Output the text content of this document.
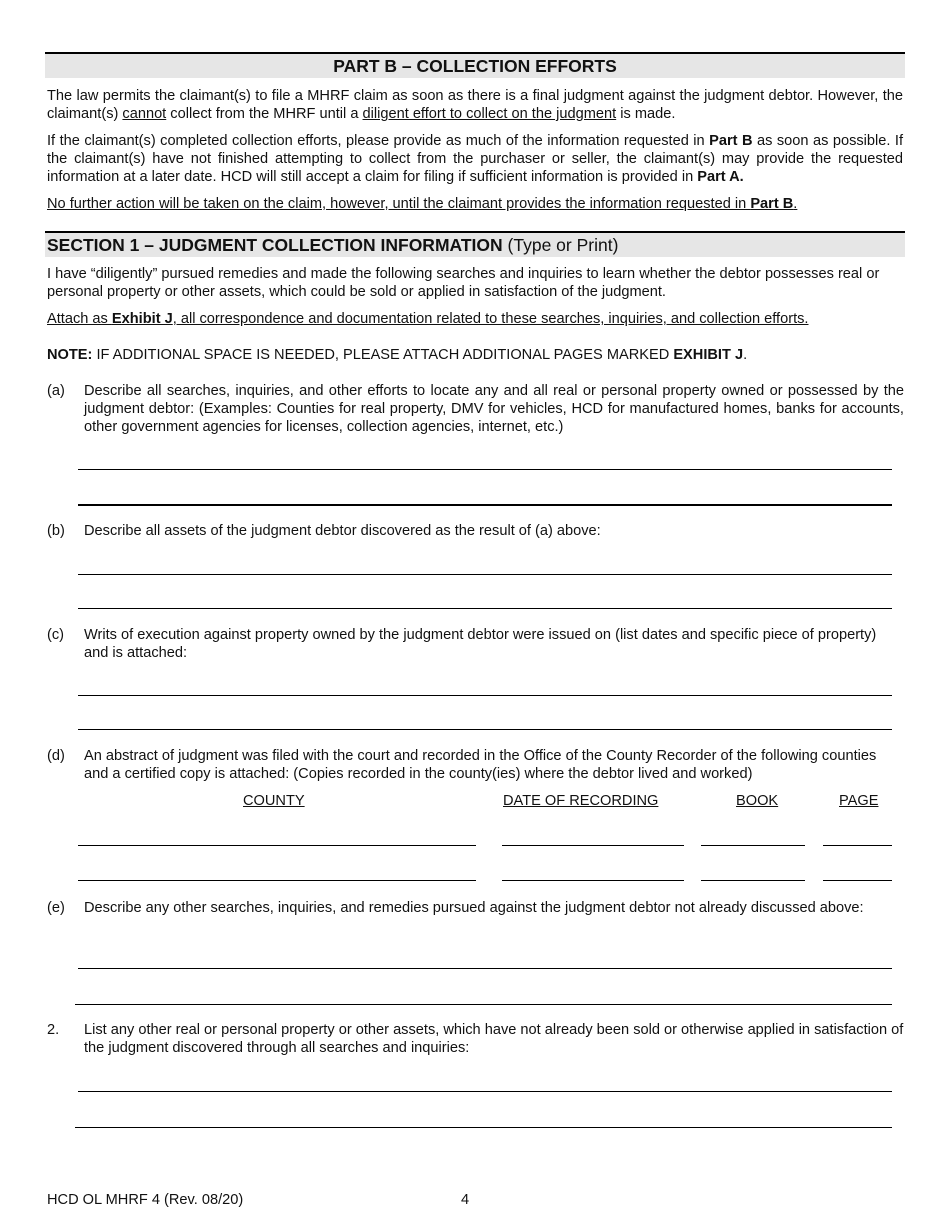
PART B – COLLECTION EFFORTS
The law permits the claimant(s) to file a MHRF claim as soon as there is a final judgment against the judgment debtor. However, the claimant(s) cannot collect from the MHRF until a diligent effort to collect on the judgment is made.
If the claimant(s) completed collection efforts, please provide as much of the information requested in Part B as soon as possible. If the claimant(s) have not finished attempting to collect from the purchaser or seller, the claimant(s) may provide the requested information at a later date. HCD will still accept a claim for filing if sufficient information is provided in Part A.
No further action will be taken on the claim, however, until the claimant provides the information requested in Part B.
SECTION 1 – JUDGMENT COLLECTION INFORMATION (Type or Print)
I have “diligently” pursued remedies and made the following searches and inquiries to learn whether the debtor possesses real or personal property or other assets, which could be sold or applied in satisfaction of the judgment.
Attach as Exhibit J, all correspondence and documentation related to these searches, inquiries, and collection efforts.
NOTE: IF ADDITIONAL SPACE IS NEEDED, PLEASE ATTACH ADDITIONAL PAGES MARKED EXHIBIT J.
(a) Describe all searches, inquiries, and other efforts to locate any and all real or personal property owned or possessed by the judgment debtor: (Examples: Counties for real property, DMV for vehicles, HCD for manufactured homes, banks for accounts, other government agencies for licenses, collection agencies, internet, etc.)
(b) Describe all assets of the judgment debtor discovered as the result of (a) above:
(c) Writs of execution against property owned by the judgment debtor were issued on (list dates and specific piece of property) and is attached:
(d) An abstract of judgment was filed with the court and recorded in the Office of the County Recorder of the following counties and a certified copy is attached: (Copies recorded in the county(ies) where the debtor lived and worked)
COUNTY	DATE OF RECORDING	BOOK	PAGE
(e) Describe any other searches, inquiries, and remedies pursued against the judgment debtor not already discussed above:
2. List any other real or personal property or other assets, which have not already been sold or otherwise applied in satisfaction of the judgment discovered through all searches and inquiries:
HCD OL MHRF 4 (Rev. 08/20)	4
